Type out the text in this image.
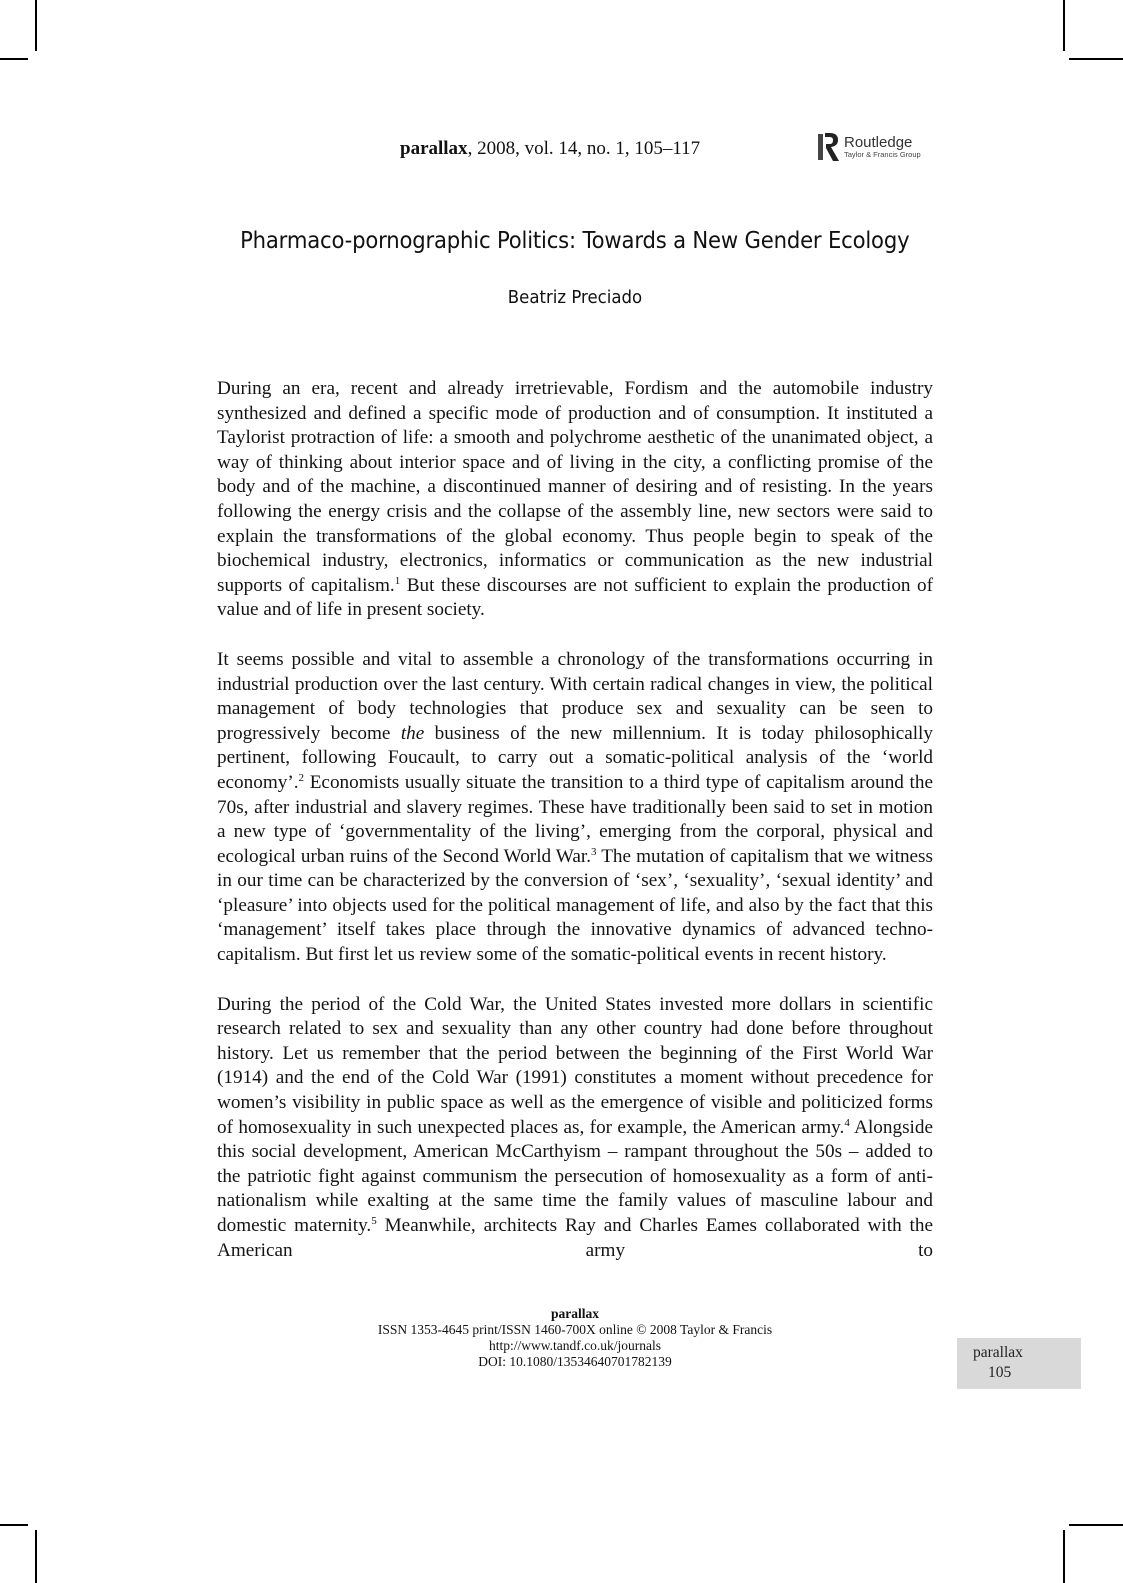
parallax, 2008, vol. 14, no. 1, 105–117	Routledge
Taylor & Francis Group
Pharmaco-pornographic Politics: Towards a New Gender Ecology
Beatriz Preciado

During an era, recent and already irretrievable, Fordism and the automobile industry synthesized and defined a specific mode of production and of consumption. It instituted a Taylorist protraction of life: a smooth and polychrome aesthetic of the unanimated object, a way of thinking about interior space and of living in the city, a conflicting promise of the body and of the machine, a discontinued manner of desiring and of resisting. In the years following the energy crisis and the collapse of the assembly line, new sectors were said to explain the transformations of the global economy. Thus people begin to speak of the biochemical industry, electronics, informatics or communication as the new industrial supports of capitalism.$^1$ But these discourses are not sufficient to explain the production of value and of life in present society.

It seems possible and vital to assemble a chronology of the transformations occurring in industrial production over the last century. With certain radical changes in view, the political management of body technologies that produce sex and sexuality can be seen to progressively become the business of the new millennium. It is today philosophically pertinent, following Foucault, to carry out a somatic-political analysis of the ‘world economy’.$^2$ Economists usually situate the transition to a third type of capitalism around the 70s, after industrial and slavery regimes. These have traditionally been said to set in motion a new type of ‘governmentality of the living’, emerging from the corporal, physical and ecological urban ruins of the Second World War.$^3$ The mutation of capitalism that we witness in our time can be characterized by the conversion of ‘sex’, ‘sexuality’, ‘sexual identity’ and ‘pleasure’ into objects used for the political management of life, and also by the fact that this ‘management’ itself takes place through the innovative dynamics of advanced techno-capitalism. But first let us review some of the somatic-political events in recent history.

During the period of the Cold War, the United States invested more dollars in scientific research related to sex and sexuality than any other country had done before throughout history. Let us remember that the period between the beginning of the First World War (1914) and the end of the Cold War (1991) constitutes a moment without precedence for women’s visibility in public space as well as the emergence of visible and politicized forms of homosexuality in such unexpected places as, for example, the American army.$^4$ Alongside this social development, American McCarthyism – rampant throughout the 50s – added to the patriotic fight against communism the persecution of homosexuality as a form of anti-nationalism while exalting at the same time the family values of masculine labour and domestic maternity.$^5$ Meanwhile, architects Ray and Charles Eames collaborated with the American army to

parallax
ISSN 1353-4645 print/ISSN 1460-700X online © 2008 Taylor & Francis
http://www.tandf.co.uk/journals
DOI: 10.1080/13534640701782139
parallax
105
